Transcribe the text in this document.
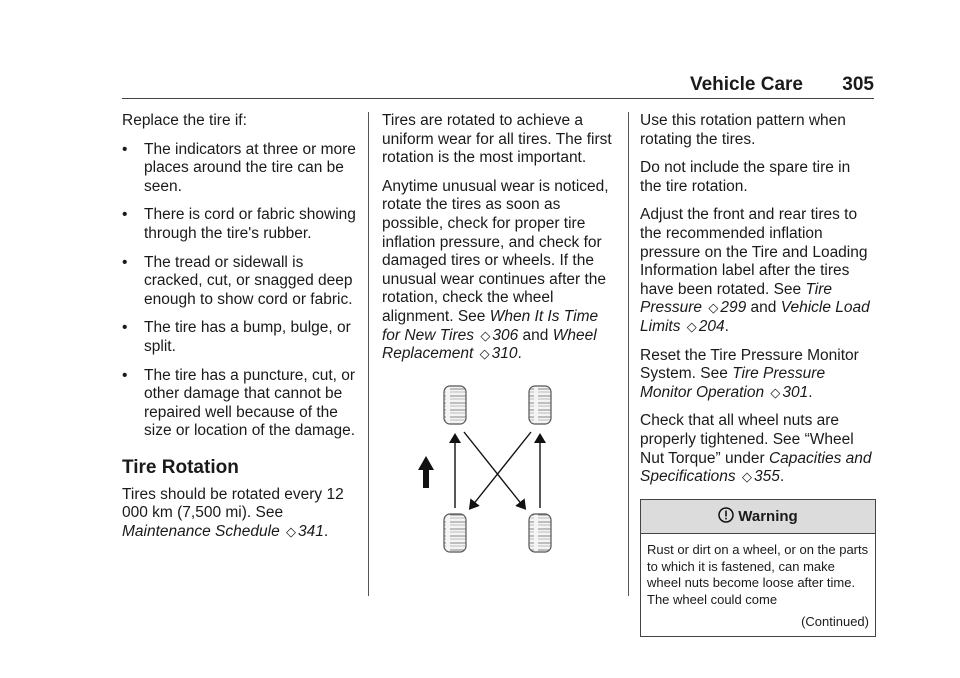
Vehicle Care 305

Replace the tire if:

•	The indicators at three or more places around the tire can be seen.
•	There is cord or fabric showing through the tire's rubber.
•	The tread or sidewall is cracked, cut, or snagged deep enough to show cord or fabric.
•	The tire has a bump, bulge, or split.
•	The tire has a puncture, cut, or other damage that cannot be repaired well because of the size or location of the damage.
Tire Rotation

Tires should be rotated every 12 000 km (7,500 mi). See Maintenance Schedule ◇ 341.

Tires are rotated to achieve a uniform wear for all tires. The first rotation is the most important.

Anytime unusual wear is noticed, rotate the tires as soon as possible, check for proper tire inflation pressure, and check for damaged tires or wheels. If the unusual wear continues after the rotation, check the wheel alignment. See When It Is Time for New Tires ◇ 306 and Wheel Replacement ◇ 310.

Use this rotation pattern when rotating the tires.

Do not include the spare tire in the tire rotation.

Adjust the front and rear tires to the recommended inflation pressure on the Tire and Loading Information label after the tires have been rotated. See Tire Pressure ◇ 299 and Vehicle Load Limits ◇ 204.

Reset the Tire Pressure Monitor System. See Tire Pressure Monitor Operation ◇ 301.

Check that all wheel nuts are properly tightened. See “Wheel Nut Torque” under Capacities and Specifications ◇ 355.

Warning
Rust or dirt on a wheel, or on the parts to which it is fastened, can make wheel nuts become loose after time. The wheel could come
(Continued)
